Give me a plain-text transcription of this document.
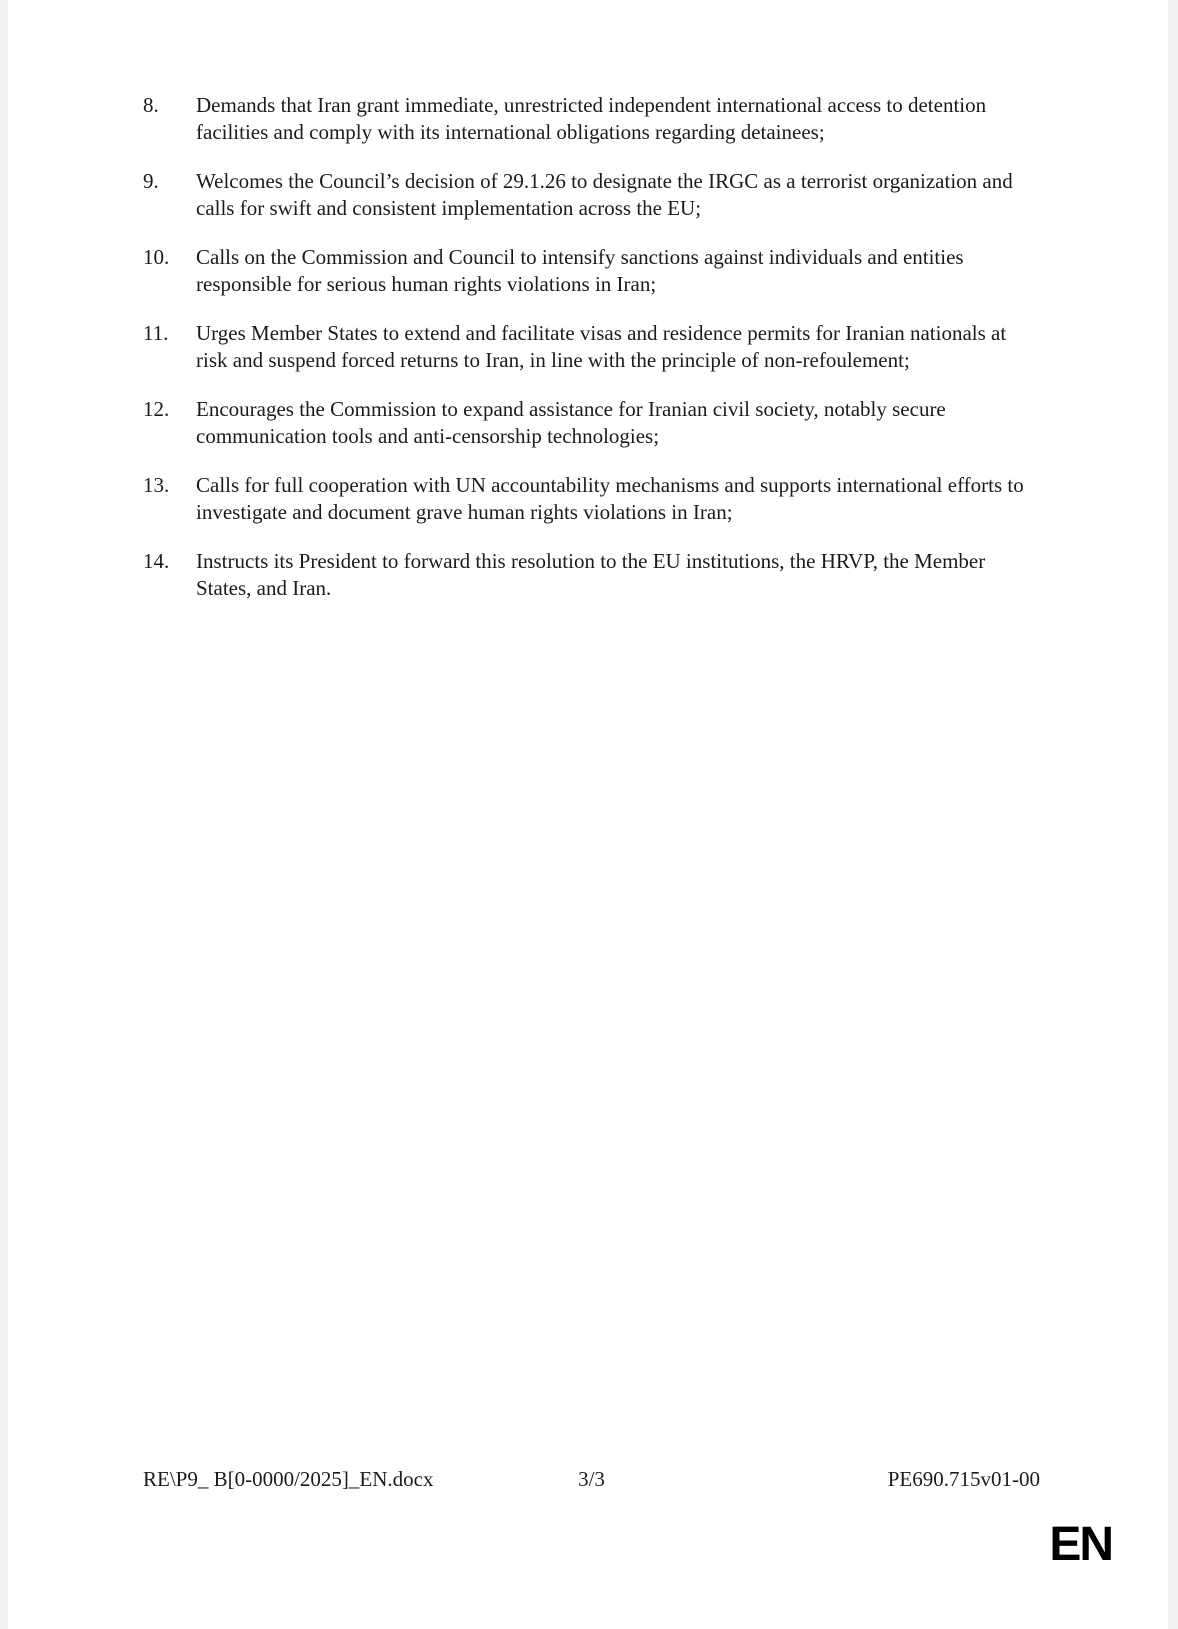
8. Demands that Iran grant immediate, unrestricted independent international access to detention facilities and comply with its international obligations regarding detainees;
9. Welcomes the Council’s decision of 29.1.26 to designate the IRGC as a terrorist organization and calls for swift and consistent implementation across the EU;
10. Calls on the Commission and Council to intensify sanctions against individuals and entities responsible for serious human rights violations in Iran;
11. Urges Member States to extend and facilitate visas and residence permits for Iranian nationals at risk and suspend forced returns to Iran, in line with the principle of non-refoulement;
12. Encourages the Commission to expand assistance for Iranian civil society, notably secure communication tools and anti-censorship technologies;
13. Calls for full cooperation with UN accountability mechanisms and supports international efforts to investigate and document grave human rights violations in Iran;
14. Instructs its President to forward this resolution to the EU institutions, the HRVP, the Member States, and Iran.
RE\P9_ B[0-0000/2025]_EN.docx	3/3	PE690.715v01-00
EN
